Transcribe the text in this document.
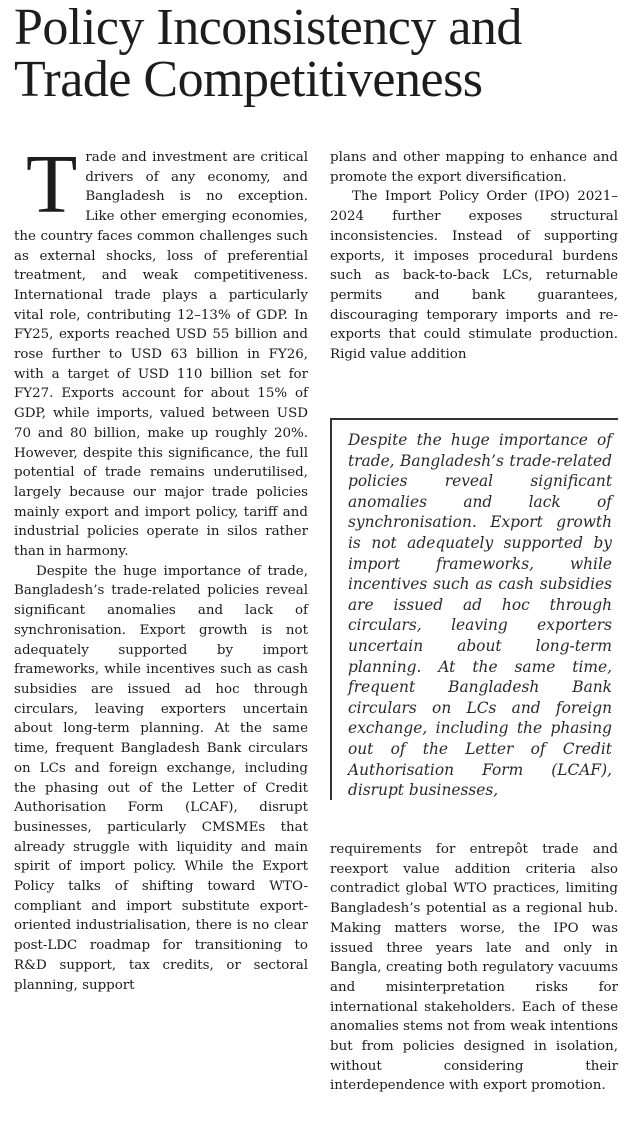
Policy Inconsistency and Trade Competitiveness

Trade and investment are critical drivers of any economy, and Bangladesh is no exception. Like other emerging economies, the country faces common challenges such as external shocks, loss of preferential treatment, and weak competitiveness. International trade plays a particularly vital role, contributing 12–13% of GDP. In FY25, exports reached USD 55 billion and rose further to USD 63 billion in FY26, with a target of USD 110 billion set for FY27. Exports account for about 15% of GDP, while imports, valued between USD 70 and 80 billion, make up roughly 20%. However, despite this significance, the full potential of trade remains underutilised, largely because our major trade policies mainly export and import policy, tariff and industrial policies operate in silos rather than in harmony.

Despite the huge importance of trade, Bangladesh’s trade-related policies reveal significant anomalies and lack of synchronisation. Export growth is not adequately supported by import frameworks, while incentives such as cash subsidies are issued ad hoc through circulars, leaving exporters uncertain about long-term planning. At the same time, frequent Bangladesh Bank circulars on LCs and foreign exchange, including the phasing out of the Letter of Credit Authorisation Form (LCAF), disrupt businesses, particularly CMSMEs that already struggle with liquidity and main spirit of import policy. While the Export Policy talks of shifting toward WTO-compliant and import substitute export-oriented industrialisation, there is no clear post-LDC roadmap for transitioning to R&D support, tax credits, or sectoral planning, support

plans and other mapping to enhance and promote the export diversification.

The Import Policy Order (IPO) 2021–2024 further exposes structural inconsistencies. Instead of supporting exports, it imposes procedural burdens such as back-to-back LCs, returnable permits and bank guarantees, discouraging temporary imports and re-exports that could stimulate production. Rigid value addition

Despite the huge importance of trade, Bangladesh’s trade-related policies reveal significant anomalies and lack of synchronisation. Export growth is not adequately supported by import frameworks, while incentives such as cash subsidies are issued ad hoc through circulars, leaving exporters uncertain about long-term planning. At the same time, frequent Bangladesh Bank circulars on LCs and foreign exchange, including the phasing out of the Letter of Credit Authorisation Form (LCAF), disrupt businesses,

requirements for entrepôt trade and reexport value addition criteria also contradict global WTO practices, limiting Bangladesh’s potential as a regional hub. Making matters worse, the IPO was issued three years late and only in Bangla, creating both regulatory vacuums and misinterpretation risks for international stakeholders. Each of these anomalies stems not from weak intentions but from policies designed in isolation, without considering their interdependence with export promotion.
